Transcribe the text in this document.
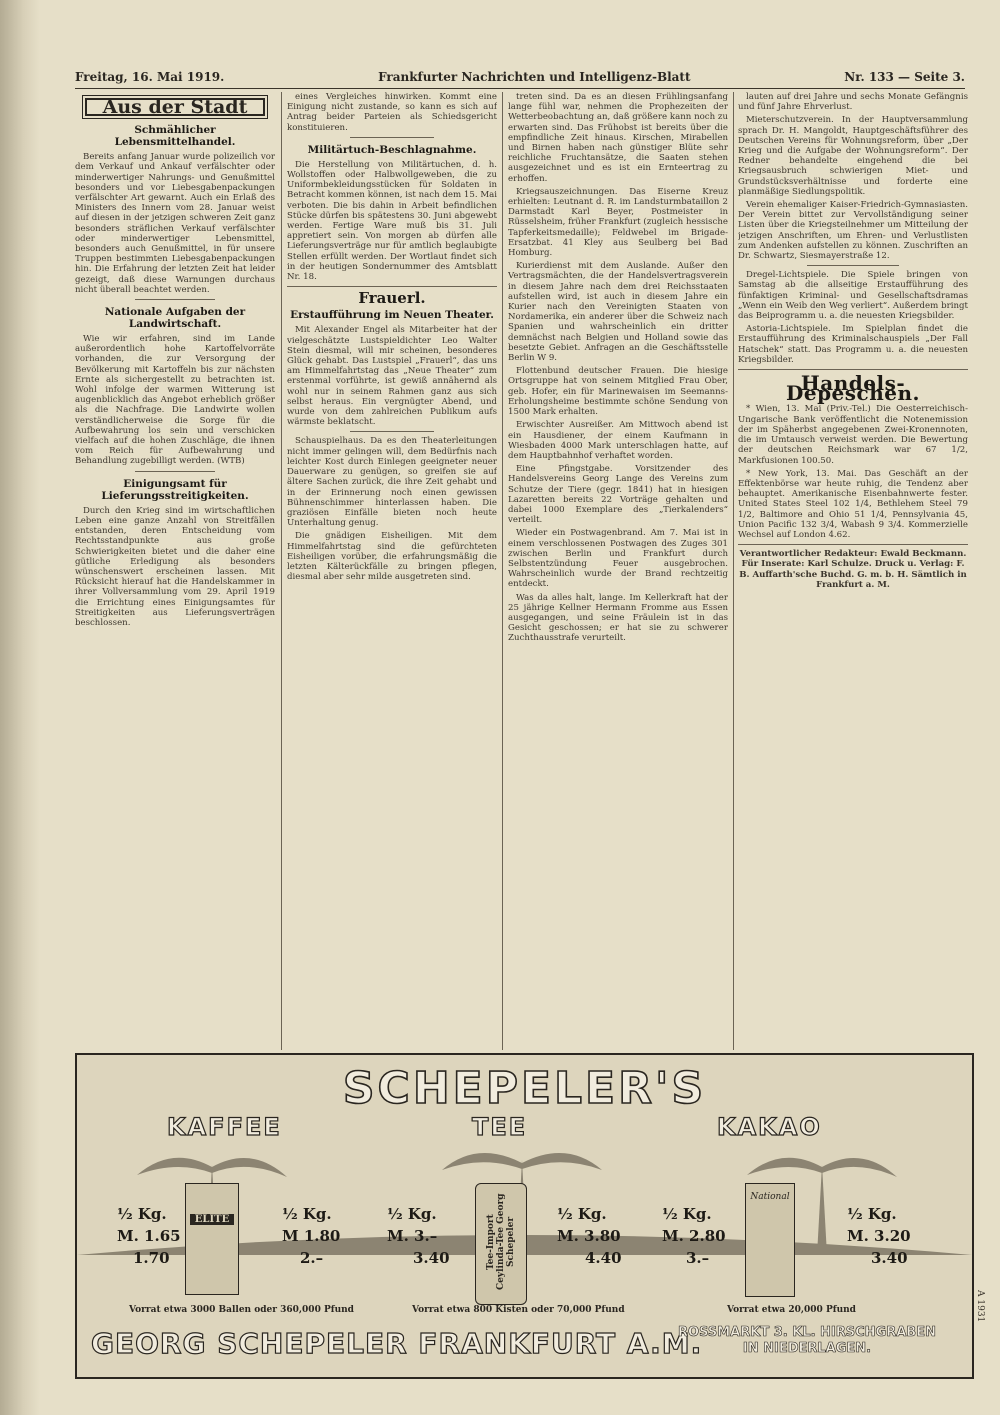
Freitag, 16. Mai 1919.	Frankfurter Nachrichten und Intelligenz-Blatt	Nr. 133 — Seite 3.
Aus der Stadt
Schmählicher Lebensmittelhandel.

Bereits anfang Januar wurde polizeilich vor dem Verkauf und Ankauf verfälschter oder minderwertiger Nahrungs- und Genußmittel besonders und vor Liebesgabenpackungen verfälschter Art gewarnt. Auch ein Erlaß des Ministers des Innern vom 28. Januar weist auf diesen in der jetzigen schweren Zeit ganz besonders sträflichen Verkauf verfälschter oder minderwertiger Lebensmittel, besonders auch Genußmittel, in für unsere Truppen bestimmten Liebesgabenpackungen hin. Die Erfahrung der letzten Zeit hat leider gezeigt, daß diese Warnungen durchaus nicht überall beachtet werden.

Nationale Aufgaben der Landwirtschaft.

Wie wir erfahren, sind im Lande außerordentlich hohe Kartoffelvorräte vorhanden, die zur Versorgung der Bevölkerung mit Kartoffeln bis zur nächsten Ernte als sichergestellt zu betrachten ist. Wohl infolge der warmen Witterung ist augenblicklich das Angebot erheblich größer als die Nachfrage. Die Landwirte wollen verständlicherweise die Sorge für die Aufbewahrung los sein und verschicken vielfach auf die hohen Zuschläge, die ihnen vom Reich für Aufbewahrung und Behandlung zugebilligt werden. (WTB)

Einigungsamt für Lieferungsstreitigkeiten.

Durch den Krieg sind im wirtschaftlichen Leben eine ganze Anzahl von Streitfällen entstanden, deren Entscheidung vom Rechtsstandpunkte aus große Schwierigkeiten bietet und die daher eine gütliche Erledigung als besonders wünschenswert erscheinen lassen. Mit Rücksicht hierauf hat die Handelskammer in ihrer Vollversammlung vom 29. April 1919 die Errichtung eines Einigungsamtes für Streitigkeiten aus Lieferungsverträgen beschlossen.

eines Vergleiches hinwirken. Kommt eine Einigung nicht zustande, so kann es sich auf Antrag beider Parteien als Schiedsgericht konstituieren.

Militärtuch-Beschlagnahme.

Die Herstellung von Militärtuchen, d. h. Wollstoffen oder Halbwollgeweben, die zu Uniformbekleidungsstücken für Soldaten in Betracht kommen können, ist nach dem 15. Mai verboten. Die bis dahin in Arbeit befindlichen Stücke dürfen bis spätestens 30. Juni abgewebt werden. Fertige Ware muß bis 31. Juli appretiert sein. Von morgen ab dürfen alle Lieferungsverträge nur für amtlich beglaubigte Stellen erfüllt werden. Der Wortlaut findet sich in der heutigen Sondernummer des Amtsblatt Nr. 18.

Frauerl.
Erstaufführung im Neuen Theater.

Mit Alexander Engel als Mitarbeiter hat der vielgeschätzte Lustspieldichter Leo Walter Stein diesmal, will mir scheinen, besonderes Glück gehabt. Das Lustspiel „Frauerl“, das uns am Himmelfahrtstag das „Neue Theater“ zum erstenmal vorführte, ist gewiß annähernd als wohl nur in seinem Rahmen ganz aus sich selbst heraus. Ein vergnügter Abend, und wurde von dem zahlreichen Publikum aufs wärmste beklatscht.

Schauspielhaus. Da es den Theaterleitungen nicht immer gelingen will, dem Bedürfnis nach leichter Kost durch Einlegen geeigneter neuer Dauerware zu genügen, so greifen sie auf ältere Sachen zurück, die ihre Zeit gehabt und in der Erinnerung noch einen gewissen Bühnenschimmer hinterlassen haben. Die graziösen Einfälle bieten noch heute Unterhaltung genug.

Die gnädigen Eisheiligen. Mit dem Himmelfahrtstag sind die gefürchteten Eisheiligen vorüber, die erfahrungsmäßig die letzten Kälterückfälle zu bringen pflegen, diesmal aber sehr milde ausgetreten sind.

treten sind. Da es an diesen Frühlingsanfang lange fühl war, nehmen die Prophezeiten der Wetterbeobachtung an, daß größere kann noch zu erwarten sind. Das Frühobst ist bereits über die empfindliche Zeit hinaus. Kirschen, Mirabellen und Birnen haben nach günstiger Blüte sehr reichliche Fruchtansätze, die Saaten stehen ausgezeichnet und es ist ein Ernteertrag zu erhoffen.

Kriegsauszeichnungen. Das Eiserne Kreuz erhielten: Leutnant d. R. im Landsturmbataillon 2 Darmstadt Karl Beyer, Postmeister in Rüsselsheim, früher Frankfurt (zugleich hessische Tapferkeitsmedaille); Feldwebel im Brigade-Ersatzbat. 41 Kley aus Seulberg bei Bad Homburg.

Kurierdienst mit dem Auslande. Außer den Vertragsmächten, die der Handelsvertragsverein in diesem Jahre nach dem drei Reichsstaaten aufstellen wird, ist auch in diesem Jahre ein Kurier nach den Vereinigten Staaten von Nordamerika, ein anderer über die Schweiz nach Spanien und wahrscheinlich ein dritter demnächst nach Belgien und Holland sowie das besetzte Gebiet. Anfragen an die Geschäftsstelle Berlin W 9.

Flottenbund deutscher Frauen. Die hiesige Ortsgruppe hat von seinem Mitglied Frau Ober, geb. Hofer, ein für Marinewaisen im Seemanns-Erholungsheime bestimmte schöne Sendung von 1500 Mark erhalten.

Erwischter Ausreißer. Am Mittwoch abend ist ein Hausdiener, der einem Kaufmann in Wiesbaden 4000 Mark unterschlagen hatte, auf dem Hauptbahnhof verhaftet worden.

Eine Pfingstgabe. Vorsitzender des Handelsvereins Georg Lange des Vereins zum Schutze der Tiere (gegr. 1841) hat in hiesigen Lazaretten bereits 22 Vorträge gehalten und dabei 1000 Exemplare des „Tierkalenders“ verteilt.

Wieder ein Postwagenbrand. Am 7. Mai ist in einem verschlossenen Postwagen des Zuges 301 zwischen Berlin und Frankfurt durch Selbstentzündung Feuer ausgebrochen. Wahrscheinlich wurde der Brand rechtzeitig entdeckt.

Was da alles halt, lange. Im Kellerkraft hat der 25 jährige Kellner Hermann Fromme aus Essen ausgegangen, und seine Fräulein ist in das Gesicht geschossen; er hat sie zu schwerer Zuchthausstrafe verurteilt.

lauten auf drei Jahre und sechs Monate Gefängnis und fünf Jahre Ehrverlust.

Mieterschutzverein. In der Hauptversammlung sprach Dr. H. Mangoldt, Hauptgeschäftsführer des Deutschen Vereins für Wohnungsreform, über „Der Krieg und die Aufgabe der Wohnungsreform“. Der Redner behandelte eingehend die bei Kriegsausbruch schwierigen Miet- und Grundstücksverhältnisse und forderte eine planmäßige Siedlungspolitik.

Verein ehemaliger Kaiser-Friedrich-Gymnasiasten. Der Verein bittet zur Vervollständigung seiner Listen über die Kriegsteilnehmer um Mitteilung der jetzigen Anschriften, um Ehren- und Verlustlisten zum Andenken aufstellen zu können. Zuschriften an Dr. Schwartz, Siesmayerstraße 12.

Dregel-Lichtspiele. Die Spiele bringen von Samstag ab die allseitige Erstaufführung des fünfaktigen Kriminal- und Gesellschaftsdramas „Wenn ein Weib den Weg verliert“. Außerdem bringt das Beiprogramm u. a. die neuesten Kriegsbilder.

Astoria-Lichtspiele. Im Spielplan findet die Erstaufführung des Kriminalschauspiels „Der Fall Hatschek“ statt. Das Programm u. a. die neuesten Kriegsbilder.

Handels-Depeschen.

* Wien, 13. Mai (Priv.-Tel.) Die Oesterreichisch-Ungarische Bank veröffentlicht die Notenemission der im Späherbst angegebenen Zwei-Kronennoten, die im Umtausch verweist werden. Die Bewertung der deutschen Reichsmark war 67 1/2, Markfusionen 100.50.

* New York, 13. Mai. Das Geschäft an der Effektenbörse war heute ruhig, die Tendenz aber behauptet. Amerikanische Eisenbahnwerte fester. United States Steel 102 1/4, Bethlehem Steel 79 1/2, Baltimore and Ohio 51 1/4, Pennsylvania 45, Union Pacific 132 3/4, Wabash 9 3/4. Kommerzielle Wechsel auf London 4.62.

Verantwortlicher Redakteur: Ewald Beckmann. Für Inserate: Karl Schulze. Druck u. Verlag: F. B. Auffarth'sche Buchd. G. m. b. H. Sämtlich in Frankfurt a. M.

SCHEPELER'S
KAFFEE	TEE	KAKAO
ELITE	Tee-Import Ceylinda-Tee Georg Schepeler
National
½ Kg.
M. 1.65
1.70
½ Kg.
M 1.80
2.–
½ Kg.
M. 3.–
3.40
½ Kg.
M. 3.80
4.40
½ Kg.
M. 2.80
3.–
½ Kg.
M. 3.20
3.40
Vorrat etwa 3000 Ballen oder 360,000 Pfund	Vorrat etwa 800 Kisten oder 70,000 Pfund	Vorrat etwa 20,000 Pfund
GEORG SCHEPELER FRANKFURT A.M.
ROSSMARKT 3. KL. HIRSCHGRABEN
IN NIEDERLAGEN.
A 1931
